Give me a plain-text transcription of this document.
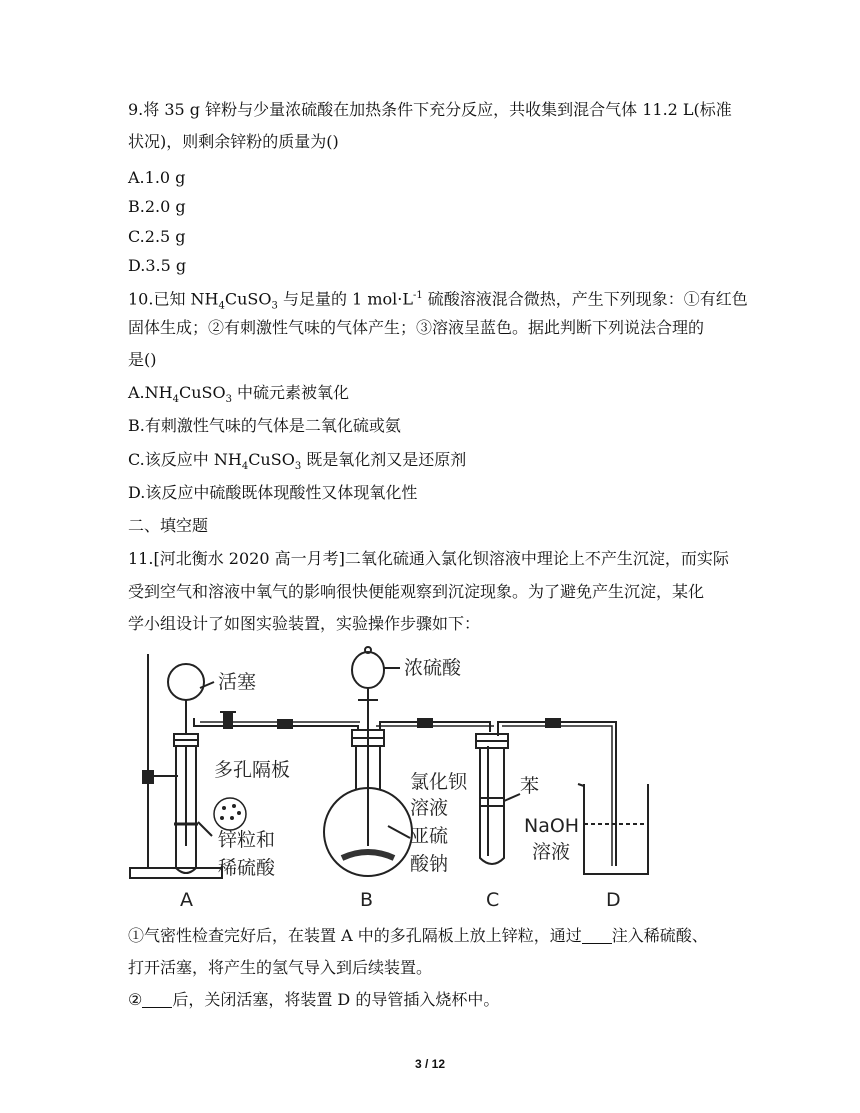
9.将 35 g 锌粉与少量浓硫酸在加热条件下充分反应，共收集到混合气体 11.2 L(标准
状况)，则剩余锌粉的质量为()
A.1.0 g
B.2.0 g
C.2.5 g
D.3.5 g
10.已知 $NH_4CuSO_3$ 与足量的 1 $mol\cdot L^{-1}$ 硫酸溶液混合微热，产生下列现象：①有红色
固体生成；②有刺激性气味的气体产生；③溶液呈蓝色。据此判断下列说法合理的
是()
$A.NH_4CuSO_3$ 中硫元素被氧化
B.有刺激性气味的气体是二氧化硫或氨
C.该反应中 $NH_4CuSO_3$ 既是氧化剂又是还原剂
D.该反应中硫酸既体现酸性又体现氧化性
二、填空题
11.[河北衡水 2020 高一月考]二氧化硫通入氯化钡溶液中理论上不产生沉淀，而实际
受到空气和溶液中氧气的影响很快便能观察到沉淀现象。为了避免产生沉淀，某化
学小组设计了如图实验装置，实验操作步骤如下：
活塞
浓硫酸
多孔隔板
锌粒和
稀硫酸
亚硫
酸钠
氯化钡
溶液
苯
NaOH
溶液
A	B	C	D
①气密性检查完好后，在装置 A 中的多孔隔板上放上锌粒，通过 注入稀硫酸、
打开活塞，将产生的氢气导入到后续装置。
② 后，关闭活塞，将装置 D 的导管插入烧杯中。
3 / 12
